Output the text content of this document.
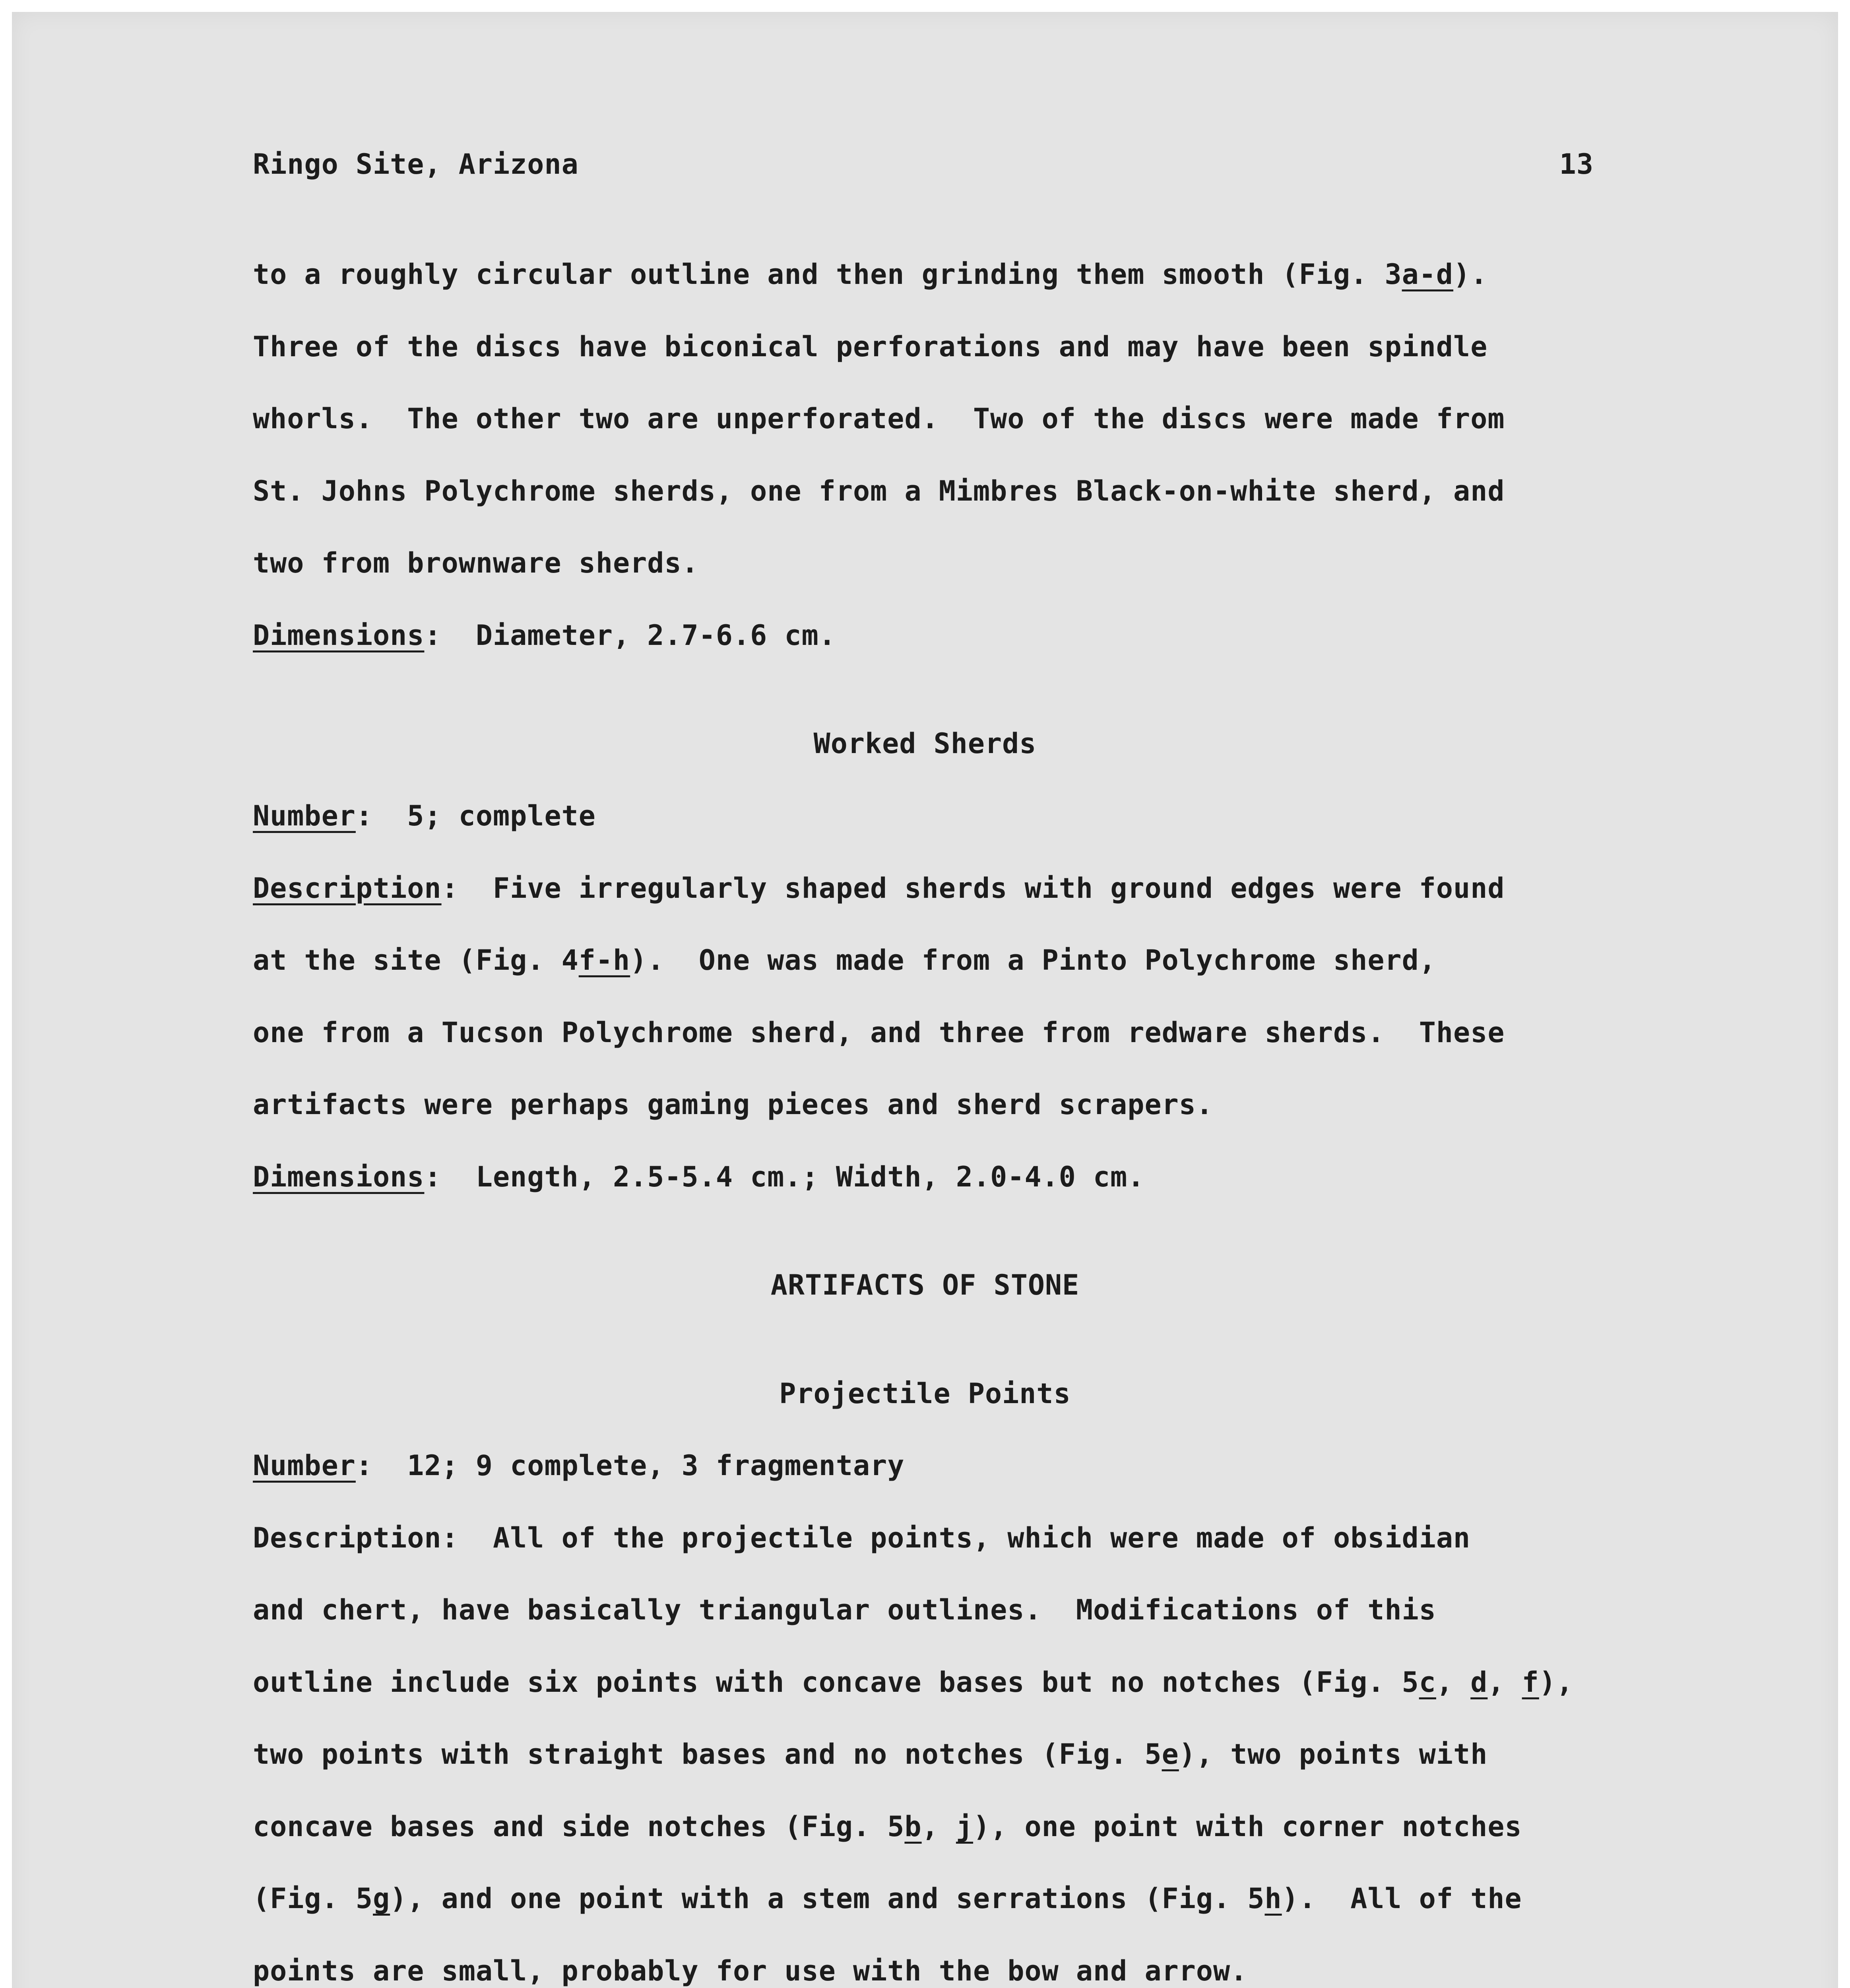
Ringo Site, Arizona	13
to a roughly circular outline and then grinding them smooth (Fig. 3a-d).
Three of the discs have biconical perforations and may have been spindle
whorls.  The other two are unperforated.  Two of the discs were made from
St. Johns Polychrome sherds, one from a Mimbres Black-on-white sherd, and
two from brownware sherds.
Dimensions:  Diameter, 2.7-6.6 cm.
Worked Sherds
Number:  5; complete
Description:  Five irregularly shaped sherds with ground edges were found
at the site (Fig. 4f-h).  One was made from a Pinto Polychrome sherd,
one from a Tucson Polychrome sherd, and three from redware sherds.  These
artifacts were perhaps gaming pieces and sherd scrapers.
Dimensions:  Length, 2.5-5.4 cm.; Width, 2.0-4.0 cm.
ARTIFACTS OF STONE
Projectile Points
Number:  12; 9 complete, 3 fragmentary
Description:  All of the projectile points, which were made of obsidian
and chert, have basically triangular outlines.  Modifications of this
outline include six points with concave bases but no notches (Fig. 5c, d, f),
two points with straight bases and no notches (Fig. 5e), two points with
concave bases and side notches (Fig. 5b, j), one point with corner notches
(Fig. 5g), and one point with a stem and serrations (Fig. 5h).  All of the
points are small, probably for use with the bow and arrow.
